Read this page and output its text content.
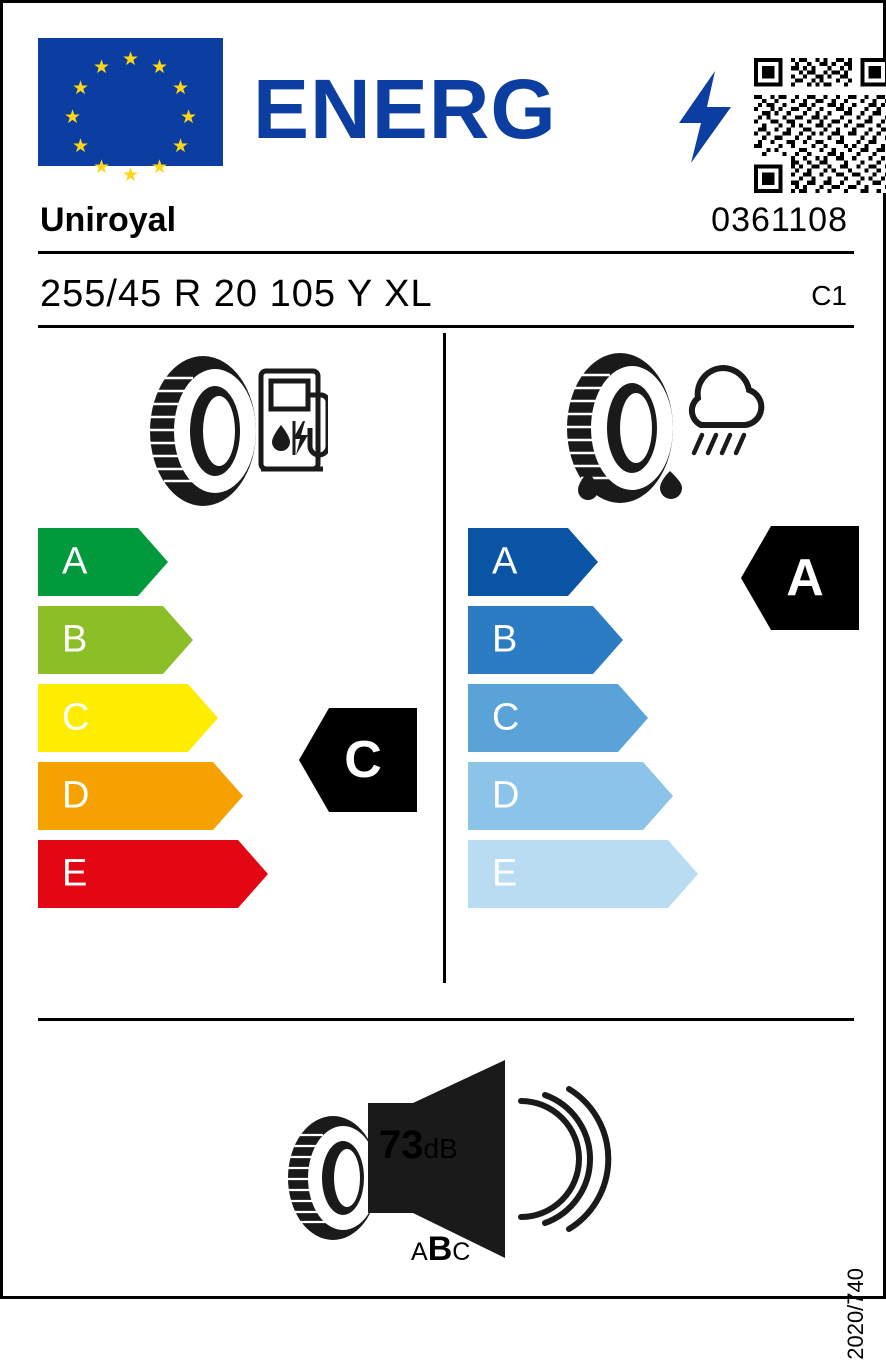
★ ★
★
★
★
★
★
★
★
★
★
★ ENERG
Uniroyal	0361108
255/45 R 20 105 Y XL	C1
A
B
C
D
E
C
A
B
C
D
E
A
73dB
ABC
2020/740
